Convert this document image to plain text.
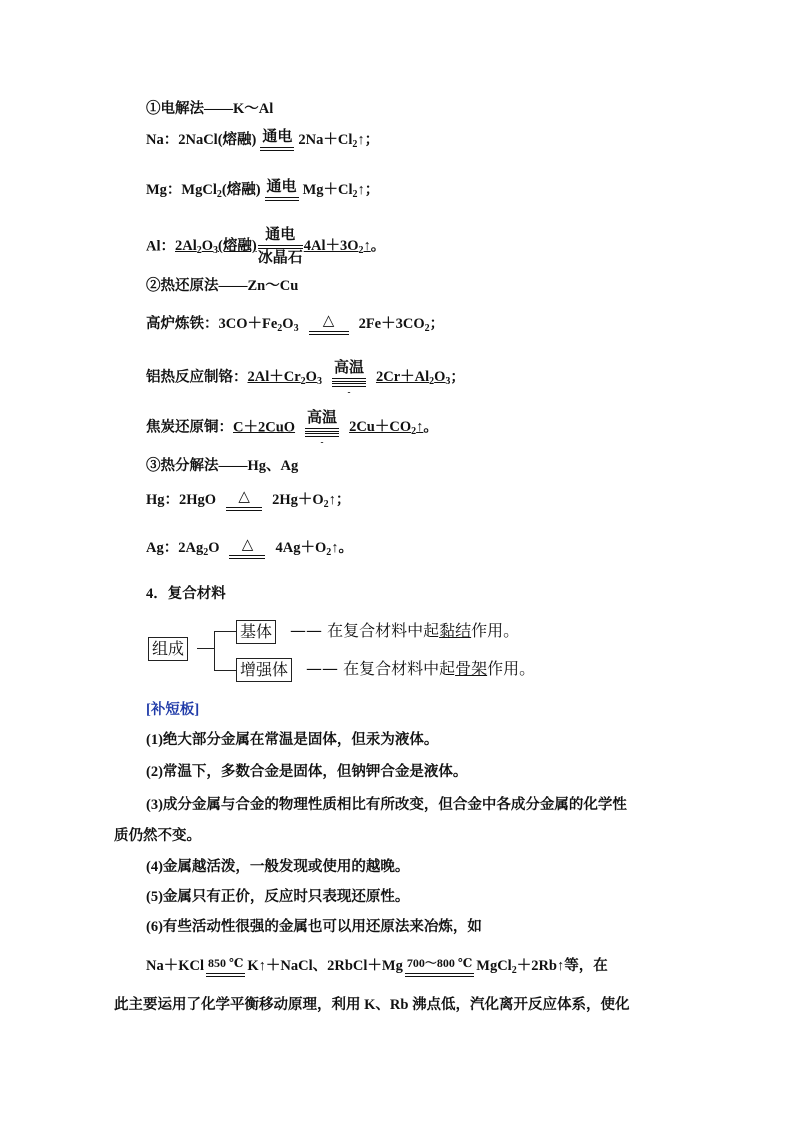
①电解法——K～Al
Na：2NaCl(熔融) 通电 $2Na+Cl_2↑$；
Mg：MgCl$_2$(熔融) 通电 $Mg+Cl_2↑$；
Al：$2Al_2O_3$(熔融)
通电
冰晶石
$4Al+3O_2↑$。
②热还原法——Zn～Cu
高炉炼铁：$3CO+Fe_2O_3$	△	$2Fe+3CO_2$；
铝热反应制铬：$2Al+Cr_2O_3$
高温
-
$2Cr+Al_2O_3$；
焦炭还原铜：C＋2CuO
高温
-
$2Cu+CO_2↑$。
③热分解法——Hg、Ag
Hg：2HgO	△	$2Hg+O_2↑$；
Ag：$2Ag_2O$	△	$4Ag+O_2↑$。
4．复合材料
组成
基体 —— 在复合材料中起黏结作用。
增强体 —— 在复合材料中起骨架作用。
[补短板]
(1)绝大部分金属在常温是固体，但汞为液体。
(2)常温下，多数合金是固体，但钠钾合金是液体。
(3)成分金属与合金的物理性质相比有所改变，但合金中各成分金属的化学性
质仍然不变。
(4)金属越活泼，一般发现或使用的越晚。
(5)金属只有正价，反应时只表现还原性。
(6)有些活动性很强的金属也可以用还原法来冶炼，如
Na＋KCl 850 ℃ K↑＋NaCl、2RbCl＋Mg 700～800 ℃ MgCl$_2$＋2Rb↑等，在
此主要运用了化学平衡移动原理，利用 K、Rb 沸点低，汽化离开反应体系，使化
